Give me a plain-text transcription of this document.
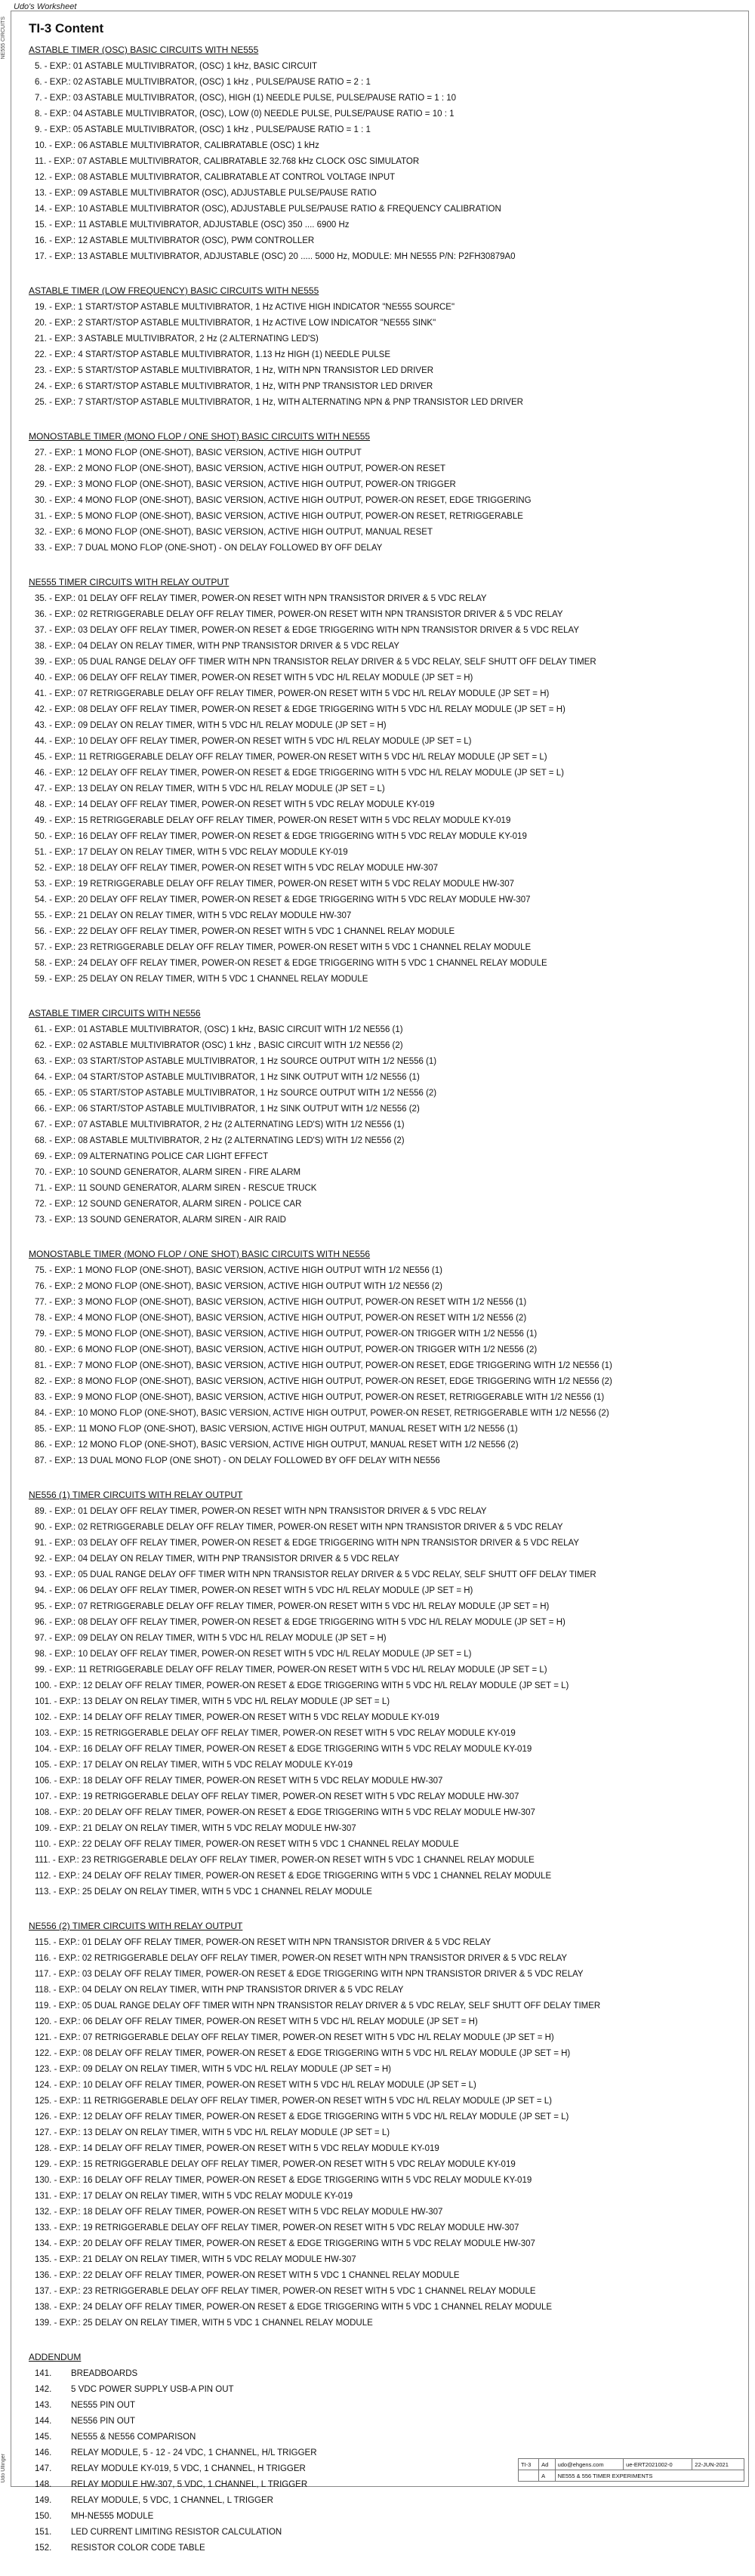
NE555 CIRCUITS
Udo Ullinger
Udo's Worksheet
TI-3 Content
ASTABLE TIMER (OSC) BASIC CIRCUITS WITH NE555
5. - EXP.: 01 ASTABLE MULTIVIBRATOR, (OSC) 1 kHz, BASIC CIRCUIT
6. - EXP.: 02 ASTABLE MULTIVIBRATOR, (OSC) 1 kHz , PULSE/PAUSE RATIO = 2 : 1
7. - EXP.: 03 ASTABLE MULTIVIBRATOR, (OSC), HIGH (1) NEEDLE PULSE, PULSE/PAUSE RATIO = 1 : 10
8. - EXP.: 04 ASTABLE MULTIVIBRATOR, (OSC), LOW (0) NEEDLE PULSE, PULSE/PAUSE RATIO = 10 : 1
9. - EXP.: 05 ASTABLE MULTIVIBRATOR, (OSC) 1 kHz , PULSE/PAUSE RATIO = 1 : 1
10. - EXP.: 06 ASTABLE MULTIVIBRATOR, CALIBRATABLE (OSC) 1 kHz
11. - EXP.: 07 ASTABLE MULTIVIBRATOR, CALIBRATABLE 32.768 kHz CLOCK OSC SIMULATOR
12. - EXP.: 08 ASTABLE MULTIVIBRATOR, CALIBRATABLE AT CONTROL VOLTAGE INPUT
13. - EXP.: 09 ASTABLE MULTIVIBRATOR (OSC), ADJUSTABLE PULSE/PAUSE RATIO
14. - EXP.: 10 ASTABLE MULTIVIBRATOR (OSC), ADJUSTABLE PULSE/PAUSE RATIO & FREQUENCY CALIBRATION
15. - EXP.: 11 ASTABLE MULTIVIBRATOR, ADJUSTABLE (OSC) 350 .... 6900 Hz
16. - EXP.: 12 ASTABLE MULTIVIBRATOR (OSC), PWM CONTROLLER
17. - EXP.: 13 ASTABLE MULTIVIBRATOR, ADJUSTABLE (OSC) 20 ..... 5000 Hz, MODULE: MH NE555 P/N: P2FH30879A0
ASTABLE TIMER (LOW FREQUENCY) BASIC CIRCUITS WITH NE555
19. - EXP.: 1 START/STOP ASTABLE MULTIVIBRATOR, 1 Hz ACTIVE HIGH INDICATOR "NE555 SOURCE"
20. - EXP.: 2 START/STOP ASTABLE MULTIVIBRATOR, 1 Hz ACTIVE LOW INDICATOR "NE555 SINK"
21. - EXP.: 3 ASTABLE MULTIVIBRATOR, 2 Hz (2 ALTERNATING LED'S)
22. - EXP.: 4 START/STOP ASTABLE MULTIVIBRATOR, 1.13 Hz HIGH (1) NEEDLE PULSE
23. - EXP.: 5 START/STOP ASTABLE MULTIVIBRATOR, 1 Hz, WITH NPN TRANSISTOR LED DRIVER
24. - EXP.: 6 START/STOP ASTABLE MULTIVIBRATOR, 1 Hz, WITH PNP TRANSISTOR LED DRIVER
25. - EXP.: 7 START/STOP ASTABLE MULTIVIBRATOR, 1 Hz, WITH ALTERNATING NPN & PNP TRANSISTOR LED DRIVER
MONOSTABLE TIMER (MONO FLOP / ONE SHOT) BASIC CIRCUITS WITH NE555
27. - EXP.: 1 MONO FLOP (ONE-SHOT), BASIC VERSION, ACTIVE HIGH OUTPUT
28. - EXP.: 2 MONO FLOP (ONE-SHOT), BASIC VERSION, ACTIVE HIGH OUTPUT, POWER-ON RESET
29. - EXP.: 3 MONO FLOP (ONE-SHOT), BASIC VERSION, ACTIVE HIGH OUTPUT, POWER-ON TRIGGER
30. - EXP.: 4 MONO FLOP (ONE-SHOT), BASIC VERSION, ACTIVE HIGH OUTPUT, POWER-ON RESET, EDGE TRIGGERING
31. - EXP.: 5 MONO FLOP (ONE-SHOT), BASIC VERSION, ACTIVE HIGH OUTPUT, POWER-ON RESET, RETRIGGERABLE
32. - EXP.: 6 MONO FLOP (ONE-SHOT), BASIC VERSION, ACTIVE HIGH OUTPUT, MANUAL RESET
33. - EXP.: 7 DUAL MONO FLOP (ONE-SHOT) - ON DELAY FOLLOWED BY OFF DELAY
NE555 TIMER CIRCUITS WITH RELAY OUTPUT
35. - EXP.: 01 DELAY OFF RELAY TIMER, POWER-ON RESET WITH NPN TRANSISTOR DRIVER & 5 VDC RELAY
36. - EXP.: 02 RETRIGGERABLE DELAY OFF RELAY TIMER, POWER-ON RESET WITH NPN TRANSISTOR DRIVER & 5 VDC RELAY
37. - EXP.: 03 DELAY OFF RELAY TIMER, POWER-ON RESET & EDGE TRIGGERING WITH NPN TRANSISTOR DRIVER & 5 VDC RELAY
38. - EXP.: 04 DELAY ON RELAY TIMER, WITH PNP TRANSISTOR DRIVER & 5 VDC RELAY
39. - EXP.: 05 DUAL RANGE DELAY OFF TIMER WITH NPN TRANSISTOR RELAY DRIVER & 5 VDC RELAY, SELF SHUTT OFF DELAY TIMER
40. - EXP.: 06 DELAY OFF RELAY TIMER, POWER-ON RESET WITH 5 VDC H/L RELAY MODULE (JP SET = H)
41. - EXP.: 07 RETRIGGERABLE DELAY OFF RELAY TIMER, POWER-ON RESET WITH 5 VDC H/L RELAY MODULE (JP SET = H)
42. - EXP.: 08 DELAY OFF RELAY TIMER, POWER-ON RESET & EDGE TRIGGERING WITH 5 VDC H/L RELAY MODULE (JP SET = H)
43. - EXP.: 09 DELAY ON RELAY TIMER, WITH 5 VDC H/L RELAY MODULE (JP SET = H)
44. - EXP.: 10 DELAY OFF RELAY TIMER, POWER-ON RESET WITH 5 VDC H/L RELAY MODULE (JP SET = L)
45. - EXP.: 11 RETRIGGERABLE DELAY OFF RELAY TIMER, POWER-ON RESET WITH 5 VDC H/L RELAY MODULE (JP SET = L)
46. - EXP.: 12 DELAY OFF RELAY TIMER, POWER-ON RESET & EDGE TRIGGERING WITH 5 VDC H/L RELAY MODULE (JP SET = L)
47. - EXP.: 13 DELAY ON RELAY TIMER, WITH 5 VDC H/L RELAY MODULE (JP SET = L)
48. - EXP.: 14 DELAY OFF RELAY TIMER, POWER-ON RESET WITH 5 VDC RELAY MODULE KY-019
49. - EXP.: 15 RETRIGGERABLE DELAY OFF RELAY TIMER, POWER-ON RESET WITH 5 VDC RELAY MODULE KY-019
50. - EXP.: 16 DELAY OFF RELAY TIMER, POWER-ON RESET & EDGE TRIGGERING WITH 5 VDC RELAY MODULE KY-019
51. - EXP.: 17 DELAY ON RELAY TIMER, WITH 5 VDC RELAY MODULE KY-019
52. - EXP.: 18 DELAY OFF RELAY TIMER, POWER-ON RESET WITH 5 VDC RELAY MODULE HW-307
53. - EXP.: 19 RETRIGGERABLE DELAY OFF RELAY TIMER, POWER-ON RESET WITH 5 VDC RELAY MODULE HW-307
54. - EXP.: 20 DELAY OFF RELAY TIMER, POWER-ON RESET & EDGE TRIGGERING WITH 5 VDC RELAY MODULE HW-307
55. - EXP.: 21 DELAY ON RELAY TIMER, WITH 5 VDC RELAY MODULE HW-307
56. - EXP.: 22 DELAY OFF RELAY TIMER, POWER-ON RESET WITH 5 VDC 1 CHANNEL RELAY MODULE
57. - EXP.: 23 RETRIGGERABLE DELAY OFF RELAY TIMER, POWER-ON RESET WITH 5 VDC 1 CHANNEL RELAY MODULE
58. - EXP.: 24 DELAY OFF RELAY TIMER, POWER-ON RESET & EDGE TRIGGERING WITH 5 VDC 1 CHANNEL RELAY MODULE
59. - EXP.: 25 DELAY ON RELAY TIMER, WITH 5 VDC 1 CHANNEL RELAY MODULE
ASTABLE TIMER CIRCUITS WITH NE556
61. - EXP.: 01 ASTABLE MULTIVIBRATOR, (OSC) 1 kHz, BASIC CIRCUIT WITH 1/2 NE556 (1)
62. - EXP.: 02 ASTABLE MULTIVIBRATOR (OSC) 1 kHz , BASIC CIRCUIT WITH 1/2 NE556 (2)
63. - EXP.: 03 START/STOP ASTABLE MULTIVIBRATOR, 1 Hz SOURCE OUTPUT WITH 1/2 NE556 (1)
64. - EXP.: 04 START/STOP ASTABLE MULTIVIBRATOR, 1 Hz SINK OUTPUT WITH 1/2 NE556 (1)
65. - EXP.: 05 START/STOP ASTABLE MULTIVIBRATOR, 1 Hz SOURCE OUTPUT WITH 1/2 NE556 (2)
66. - EXP.: 06 START/STOP ASTABLE MULTIVIBRATOR, 1 Hz SINK OUTPUT WITH 1/2 NE556 (2)
67. - EXP.: 07 ASTABLE MULTIVIBRATOR, 2 Hz (2 ALTERNATING LED'S) WITH 1/2 NE556 (1)
68. - EXP.: 08 ASTABLE MULTIVIBRATOR, 2 Hz (2 ALTERNATING LED'S) WITH 1/2 NE556 (2)
69. - EXP.: 09 ALTERNATING POLICE CAR LIGHT EFFECT
70. - EXP.: 10 SOUND GENERATOR, ALARM SIREN - FIRE ALARM
71. - EXP.: 11 SOUND GENERATOR, ALARM SIREN - RESCUE TRUCK
72. - EXP.: 12 SOUND GENERATOR, ALARM SIREN - POLICE CAR
73. - EXP.: 13 SOUND GENERATOR, ALARM SIREN - AIR RAID
MONOSTABLE TIMER (MONO FLOP / ONE SHOT) BASIC CIRCUITS WITH NE556
75. - EXP.: 1 MONO FLOP (ONE-SHOT), BASIC VERSION, ACTIVE HIGH OUTPUT WITH 1/2 NE556 (1)
76. - EXP.: 2 MONO FLOP (ONE-SHOT), BASIC VERSION, ACTIVE HIGH OUTPUT WITH 1/2 NE556 (2)
77. - EXP.: 3 MONO FLOP (ONE-SHOT), BASIC VERSION, ACTIVE HIGH OUTPUT, POWER-ON RESET WITH 1/2 NE556 (1)
78. - EXP.: 4 MONO FLOP (ONE-SHOT), BASIC VERSION, ACTIVE HIGH OUTPUT, POWER-ON RESET WITH 1/2 NE556 (2)
79. - EXP.: 5 MONO FLOP (ONE-SHOT), BASIC VERSION, ACTIVE HIGH OUTPUT, POWER-ON TRIGGER WITH 1/2 NE556 (1)
80. - EXP.: 6 MONO FLOP (ONE-SHOT), BASIC VERSION, ACTIVE HIGH OUTPUT, POWER-ON TRIGGER WITH 1/2 NE556 (2)
81. - EXP.: 7 MONO FLOP (ONE-SHOT), BASIC VERSION, ACTIVE HIGH OUTPUT, POWER-ON RESET, EDGE TRIGGERING WITH 1/2 NE556 (1)
82. - EXP.: 8 MONO FLOP (ONE-SHOT), BASIC VERSION, ACTIVE HIGH OUTPUT, POWER-ON RESET, EDGE TRIGGERING WITH 1/2 NE556 (2)
83. - EXP.: 9 MONO FLOP (ONE-SHOT), BASIC VERSION, ACTIVE HIGH OUTPUT, POWER-ON RESET, RETRIGGERABLE WITH 1/2 NE556 (1)
84. - EXP.: 10 MONO FLOP (ONE-SHOT), BASIC VERSION, ACTIVE HIGH OUTPUT, POWER-ON RESET, RETRIGGERABLE WITH 1/2 NE556 (2)
85. - EXP.: 11 MONO FLOP (ONE-SHOT), BASIC VERSION, ACTIVE HIGH OUTPUT, MANUAL RESET WITH 1/2 NE556 (1)
86. - EXP.: 12 MONO FLOP (ONE-SHOT), BASIC VERSION, ACTIVE HIGH OUTPUT, MANUAL RESET WITH 1/2 NE556 (2)
87. - EXP.: 13 DUAL MONO FLOP (ONE SHOT) - ON DELAY FOLLOWED BY OFF DELAY WITH NE556
NE556 (1) TIMER CIRCUITS WITH RELAY OUTPUT
89. - EXP.: 01 DELAY OFF RELAY TIMER, POWER-ON RESET WITH NPN TRANSISTOR DRIVER & 5 VDC RELAY
90. - EXP.: 02 RETRIGGERABLE DELAY OFF RELAY TIMER, POWER-ON RESET WITH NPN TRANSISTOR DRIVER & 5 VDC RELAY
91. - EXP.: 03 DELAY OFF RELAY TIMER, POWER-ON RESET & EDGE TRIGGERING WITH NPN TRANSISTOR DRIVER & 5 VDC RELAY
92. - EXP.: 04 DELAY ON RELAY TIMER, WITH PNP TRANSISTOR DRIVER & 5 VDC RELAY
93. - EXP.: 05 DUAL RANGE DELAY OFF TIMER WITH NPN TRANSISTOR RELAY DRIVER & 5 VDC RELAY, SELF SHUTT OFF DELAY TIMER
94. - EXP.: 06 DELAY OFF RELAY TIMER, POWER-ON RESET WITH 5 VDC H/L RELAY MODULE (JP SET = H)
95. - EXP.: 07 RETRIGGERABLE DELAY OFF RELAY TIMER, POWER-ON RESET WITH 5 VDC H/L RELAY MODULE (JP SET = H)
96. - EXP.: 08 DELAY OFF RELAY TIMER, POWER-ON RESET & EDGE TRIGGERING WITH 5 VDC H/L RELAY MODULE (JP SET = H)
97. - EXP.: 09 DELAY ON RELAY TIMER, WITH 5 VDC H/L RELAY MODULE (JP SET = H)
98. - EXP.: 10 DELAY OFF RELAY TIMER, POWER-ON RESET WITH 5 VDC H/L RELAY MODULE (JP SET = L)
99. - EXP.: 11 RETRIGGERABLE DELAY OFF RELAY TIMER, POWER-ON RESET WITH 5 VDC H/L RELAY MODULE (JP SET = L)
100. - EXP.: 12 DELAY OFF RELAY TIMER, POWER-ON RESET & EDGE TRIGGERING WITH 5 VDC H/L RELAY MODULE (JP SET = L)
101. - EXP.: 13 DELAY ON RELAY TIMER, WITH 5 VDC H/L RELAY MODULE (JP SET = L)
102. - EXP.: 14 DELAY OFF RELAY TIMER, POWER-ON RESET WITH 5 VDC RELAY MODULE KY-019
103. - EXP.: 15 RETRIGGERABLE DELAY OFF RELAY TIMER, POWER-ON RESET WITH 5 VDC RELAY MODULE KY-019
104. - EXP.: 16 DELAY OFF RELAY TIMER, POWER-ON RESET & EDGE TRIGGERING WITH 5 VDC RELAY MODULE KY-019
105. - EXP.: 17 DELAY ON RELAY TIMER, WITH 5 VDC RELAY MODULE KY-019
106. - EXP.: 18 DELAY OFF RELAY TIMER, POWER-ON RESET WITH 5 VDC RELAY MODULE HW-307
107. - EXP.: 19 RETRIGGERABLE DELAY OFF RELAY TIMER, POWER-ON RESET WITH 5 VDC RELAY MODULE HW-307
108. - EXP.: 20 DELAY OFF RELAY TIMER, POWER-ON RESET & EDGE TRIGGERING WITH 5 VDC RELAY MODULE HW-307
109. - EXP.: 21 DELAY ON RELAY TIMER, WITH 5 VDC RELAY MODULE HW-307
110. - EXP.: 22 DELAY OFF RELAY TIMER, POWER-ON RESET WITH 5 VDC 1 CHANNEL RELAY MODULE
111. - EXP.: 23 RETRIGGERABLE DELAY OFF RELAY TIMER, POWER-ON RESET WITH 5 VDC 1 CHANNEL RELAY MODULE
112. - EXP.: 24 DELAY OFF RELAY TIMER, POWER-ON RESET & EDGE TRIGGERING WITH 5 VDC 1 CHANNEL RELAY MODULE
113. - EXP.: 25 DELAY ON RELAY TIMER, WITH 5 VDC 1 CHANNEL RELAY MODULE
NE556 (2) TIMER CIRCUITS WITH RELAY OUTPUT
115. - EXP.: 01 DELAY OFF RELAY TIMER, POWER-ON RESET WITH NPN TRANSISTOR DRIVER & 5 VDC RELAY
116. - EXP.: 02 RETRIGGERABLE DELAY OFF RELAY TIMER, POWER-ON RESET WITH NPN TRANSISTOR DRIVER & 5 VDC RELAY
117. - EXP.: 03 DELAY OFF RELAY TIMER, POWER-ON RESET & EDGE TRIGGERING WITH NPN TRANSISTOR DRIVER & 5 VDC RELAY
118. - EXP.: 04 DELAY ON RELAY TIMER, WITH PNP TRANSISTOR DRIVER & 5 VDC RELAY
119. - EXP.: 05 DUAL RANGE DELAY OFF TIMER WITH NPN TRANSISTOR RELAY DRIVER & 5 VDC RELAY, SELF SHUTT OFF DELAY TIMER
120. - EXP.: 06 DELAY OFF RELAY TIMER, POWER-ON RESET WITH 5 VDC H/L RELAY MODULE (JP SET = H)
121. - EXP.: 07 RETRIGGERABLE DELAY OFF RELAY TIMER, POWER-ON RESET WITH 5 VDC H/L RELAY MODULE (JP SET = H)
122. - EXP.: 08 DELAY OFF RELAY TIMER, POWER-ON RESET & EDGE TRIGGERING WITH 5 VDC H/L RELAY MODULE (JP SET = H)
123. - EXP.: 09 DELAY ON RELAY TIMER, WITH 5 VDC H/L RELAY MODULE (JP SET = H)
124. - EXP.: 10 DELAY OFF RELAY TIMER, POWER-ON RESET WITH 5 VDC H/L RELAY MODULE (JP SET = L)
125. - EXP.: 11 RETRIGGERABLE DELAY OFF RELAY TIMER, POWER-ON RESET WITH 5 VDC H/L RELAY MODULE (JP SET = L)
126. - EXP.: 12 DELAY OFF RELAY TIMER, POWER-ON RESET & EDGE TRIGGERING WITH 5 VDC H/L RELAY MODULE (JP SET = L)
127. - EXP.: 13 DELAY ON RELAY TIMER, WITH 5 VDC H/L RELAY MODULE (JP SET = L)
128. - EXP.: 14 DELAY OFF RELAY TIMER, POWER-ON RESET WITH 5 VDC RELAY MODULE KY-019
129. - EXP.: 15 RETRIGGERABLE DELAY OFF RELAY TIMER, POWER-ON RESET WITH 5 VDC RELAY MODULE KY-019
130. - EXP.: 16 DELAY OFF RELAY TIMER, POWER-ON RESET & EDGE TRIGGERING WITH 5 VDC RELAY MODULE KY-019
131. - EXP.: 17 DELAY ON RELAY TIMER, WITH 5 VDC RELAY MODULE KY-019
132. - EXP.: 18 DELAY OFF RELAY TIMER, POWER-ON RESET WITH 5 VDC RELAY MODULE HW-307
133. - EXP.: 19 RETRIGGERABLE DELAY OFF RELAY TIMER, POWER-ON RESET WITH 5 VDC RELAY MODULE HW-307
134. - EXP.: 20 DELAY OFF RELAY TIMER, POWER-ON RESET & EDGE TRIGGERING WITH 5 VDC RELAY MODULE HW-307
135. - EXP.: 21 DELAY ON RELAY TIMER, WITH 5 VDC RELAY MODULE HW-307
136. - EXP.: 22 DELAY OFF RELAY TIMER, POWER-ON RESET WITH 5 VDC 1 CHANNEL RELAY MODULE
137. - EXP.: 23 RETRIGGERABLE DELAY OFF RELAY TIMER, POWER-ON RESET WITH 5 VDC 1 CHANNEL RELAY MODULE
138. - EXP.: 24 DELAY OFF RELAY TIMER, POWER-ON RESET & EDGE TRIGGERING WITH 5 VDC 1 CHANNEL RELAY MODULE
139. - EXP.: 25 DELAY ON RELAY TIMER, WITH 5 VDC 1 CHANNEL RELAY MODULE
ADDENDUM
141.	BREADBOARDS
142.	5 VDC POWER SUPPLY USB-A PIN OUT
143.	NE555 PIN OUT
144.	NE556 PIN OUT
145.	NE555 & NE556 COMPARISON
146.	RELAY MODULE, 5 - 12 - 24 VDC, 1 CHANNEL, H/L TRIGGER
147.	RELAY MODULE KY-019, 5 VDC, 1 CHANNEL, H TRIGGER
148.	RELAY MODULE HW-307, 5 VDC, 1 CHANNEL, L TRIGGER
149.	RELAY MODULE, 5 VDC, 1 CHANNEL, L TRIGGER
150.	MH-NE555 MODULE
151.	LED CURRENT LIMITING RESISTOR CALCULATION
152.	RESISTOR COLOR CODE TABLE
TI-3	Ad	udo@ehgens.com	ue-ERT2021002-0	22-JUN-2021
	A	NE555 & 556 TIMER EXPERIMENTS		
